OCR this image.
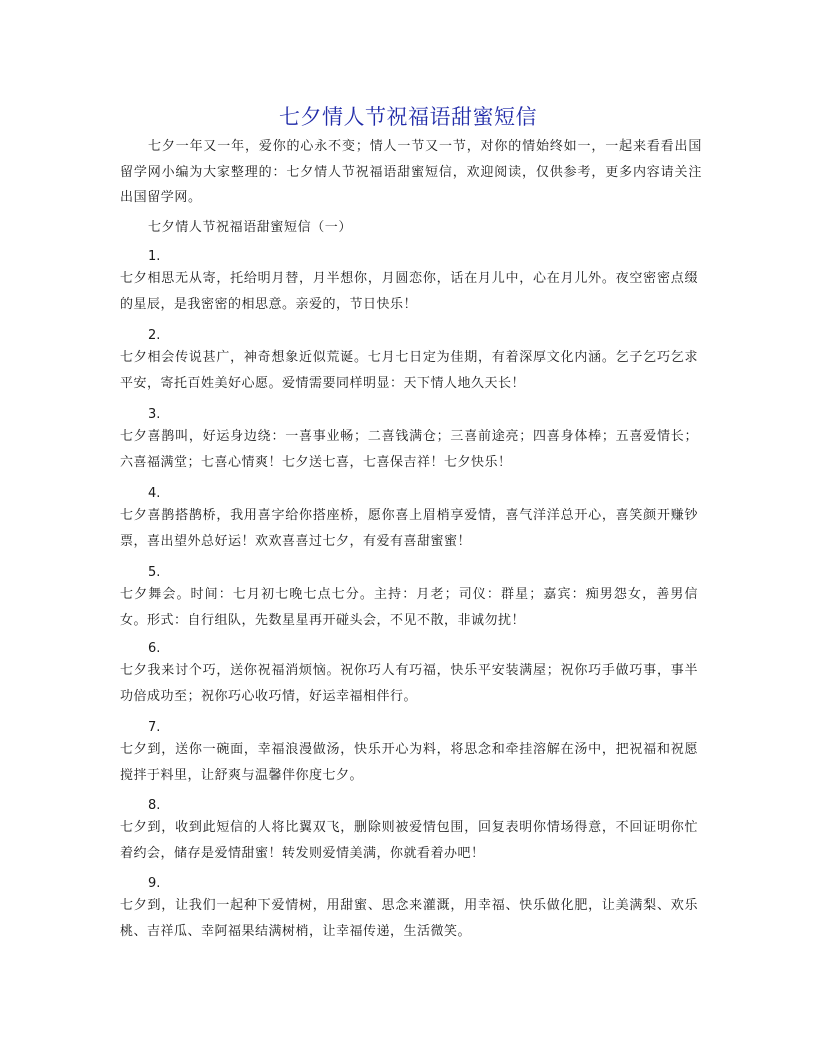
七夕情人节祝福语甜蜜短信
七夕一年又一年，爱你的心永不变；情人一节又一节，对你的情始终如一，一起来看看出国留学网小编为大家整理的：七夕情人节祝福语甜蜜短信，欢迎阅读，仅供参考，更多内容请关注出国留学网。
七夕情人节祝福语甜蜜短信（一）
1.
七夕相思无从寄，托给明月替，月半想你，月圆恋你，话在月儿中，心在月儿外。夜空密密点缀的星辰，是我密密的相思意。亲爱的，节日快乐！
2.
七夕相会传说甚广，神奇想象近似荒诞。七月七日定为佳期，有着深厚文化内涵。乞子乞巧乞求平安，寄托百姓美好心愿。爱情需要同样明显：天下情人地久天长！
3.
七夕喜鹊叫，好运身边绕：一喜事业畅；二喜钱满仓；三喜前途亮；四喜身体棒；五喜爱情长；六喜福满堂；七喜心情爽！七夕送七喜，七喜保吉祥！七夕快乐！
4.
七夕喜鹊搭鹊桥，我用喜字给你搭座桥，愿你喜上眉梢享爱情，喜气洋洋总开心，喜笑颜开赚钞票，喜出望外总好运！欢欢喜喜过七夕，有爱有喜甜蜜蜜！
5.
七夕舞会。时间：七月初七晚七点七分。主持：月老；司仪：群星；嘉宾：痴男怨女，善男信女。形式：自行组队，先数星星再开碰头会，不见不散，非诚勿扰！
6.
七夕我来讨个巧，送你祝福消烦恼。祝你巧人有巧福，快乐平安装满屋；祝你巧手做巧事，事半功倍成功至；祝你巧心收巧情，好运幸福相伴行。
7.
七夕到，送你一碗面，幸福浪漫做汤，快乐开心为料，将思念和牵挂溶解在汤中，把祝福和祝愿搅拌于料里，让舒爽与温馨伴你度七夕。
8.
七夕到，收到此短信的人将比翼双飞，删除则被爱情包围，回复表明你情场得意，不回证明你忙着约会，储存是爱情甜蜜！转发则爱情美满，你就看着办吧！
9.
七夕到，让我们一起种下爱情树，用甜蜜、思念来灌溉，用幸福、快乐做化肥，让美满梨、欢乐桃、吉祥瓜、幸阿福果结满树梢，让幸福传递，生活微笑。
